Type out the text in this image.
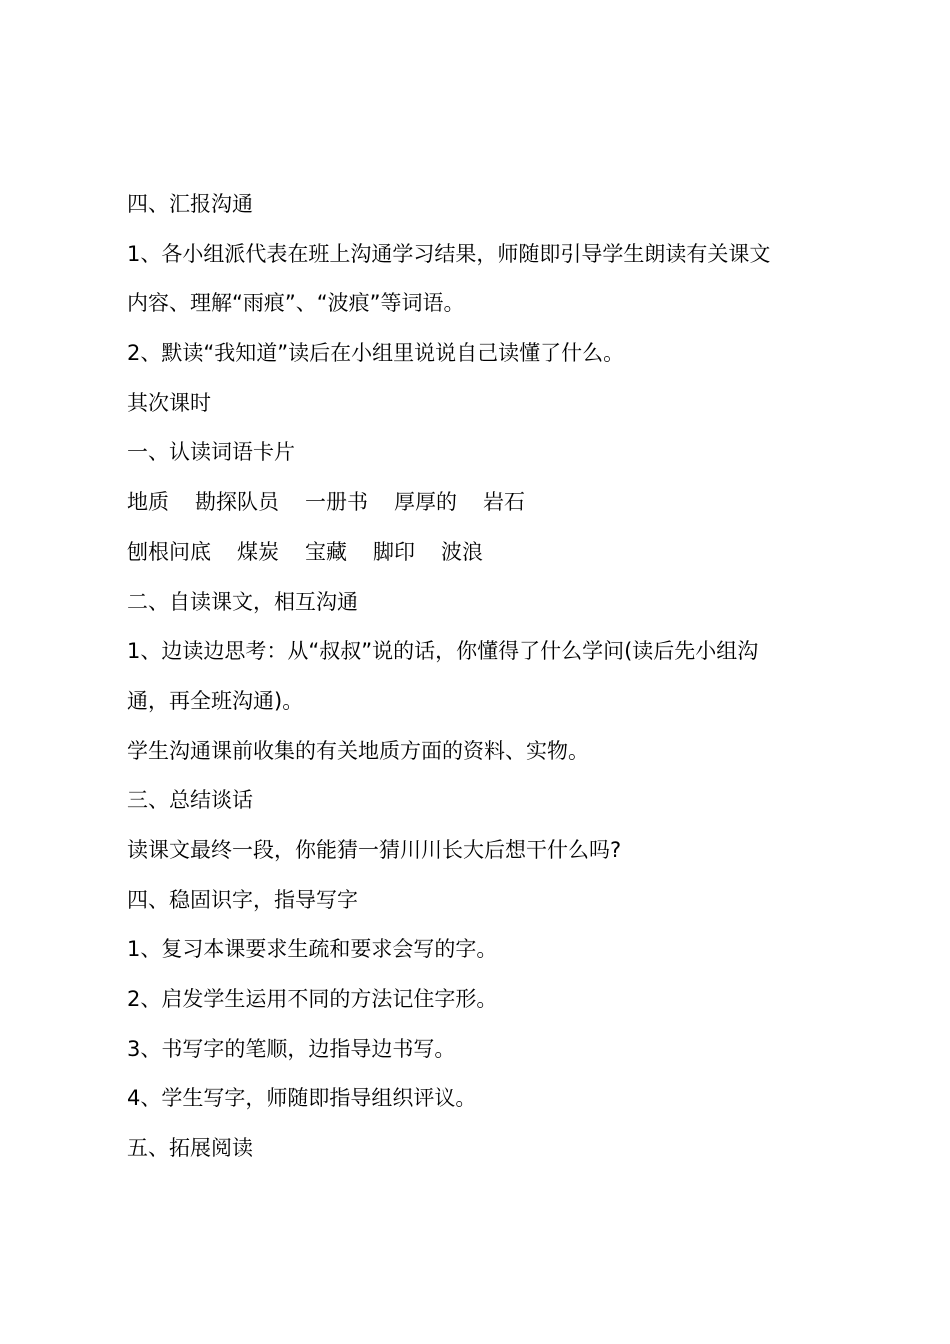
四、汇报沟通
1、各小组派代表在班上沟通学习结果，师随即引导学生朗读有关课文
内容、理解“雨痕”、“波痕”等词语。
2、默读“我知道”读后在小组里说说自己读懂了什么。
其次课时
一、认读词语卡片
地质 勘探队员 一册书 厚厚的 岩石
刨根问底 煤炭 宝藏 脚印 波浪
二、自读课文，相互沟通
1、边读边思考：从“叔叔”说的话，你懂得了什么学问(读后先小组沟
通，再全班沟通)。
学生沟通课前收集的有关地质方面的资料、实物。
三、总结谈话
读课文最终一段，你能猜一猜川川长大后想干什么吗?
四、稳固识字，指导写字
1、复习本课要求生疏和要求会写的字。
2、启发学生运用不同的方法记住字形。
3、书写字的笔顺，边指导边书写。
4、学生写字，师随即指导组织评议。
五、拓展阅读
